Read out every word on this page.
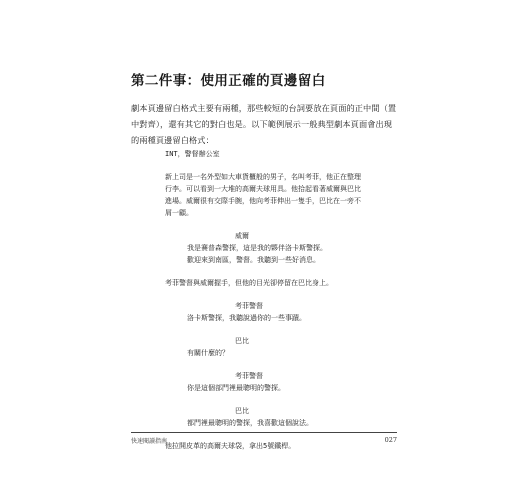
第二件事：使用正確的頁邊留白
劇本頁邊留白格式主要有兩種，那些較短的台詞要放在頁面的正中間（置
中對齊），還有其它的對白也是。以下範例展示一般典型劇本頁面會出現
的兩種頁邊留白格式：
INT，警督辦公室
新上司是一名外型如大車貨櫃般的男子，名叫考菲，他正在整理
行李。可以看到一大堆的高爾夫球用具。他拾起看著威爾與巴比
進場。威爾很有交際手腕，他向考菲伸出一隻手，巴比在一旁不
屑一顧。
威爾
我是賽普森警探，這是我的夥伴洛卡斯警探。
歡迎來到南區，警督。我聽到一些好消息。
考菲警督與威爾握手，但他的目光卻停留在巴比身上。
考菲警督
洛卡斯警探，我聽說過你的一些事蹟。
巴比
有關什麼的？
考菲警督
你是這個部門裡最聰明的警探。
巴比
都門裡最聰明的警探，我喜歡這個說法。
他拉開皮革的高爾夫球袋，拿出5號鐵桿。
快速閱讀指南	027
